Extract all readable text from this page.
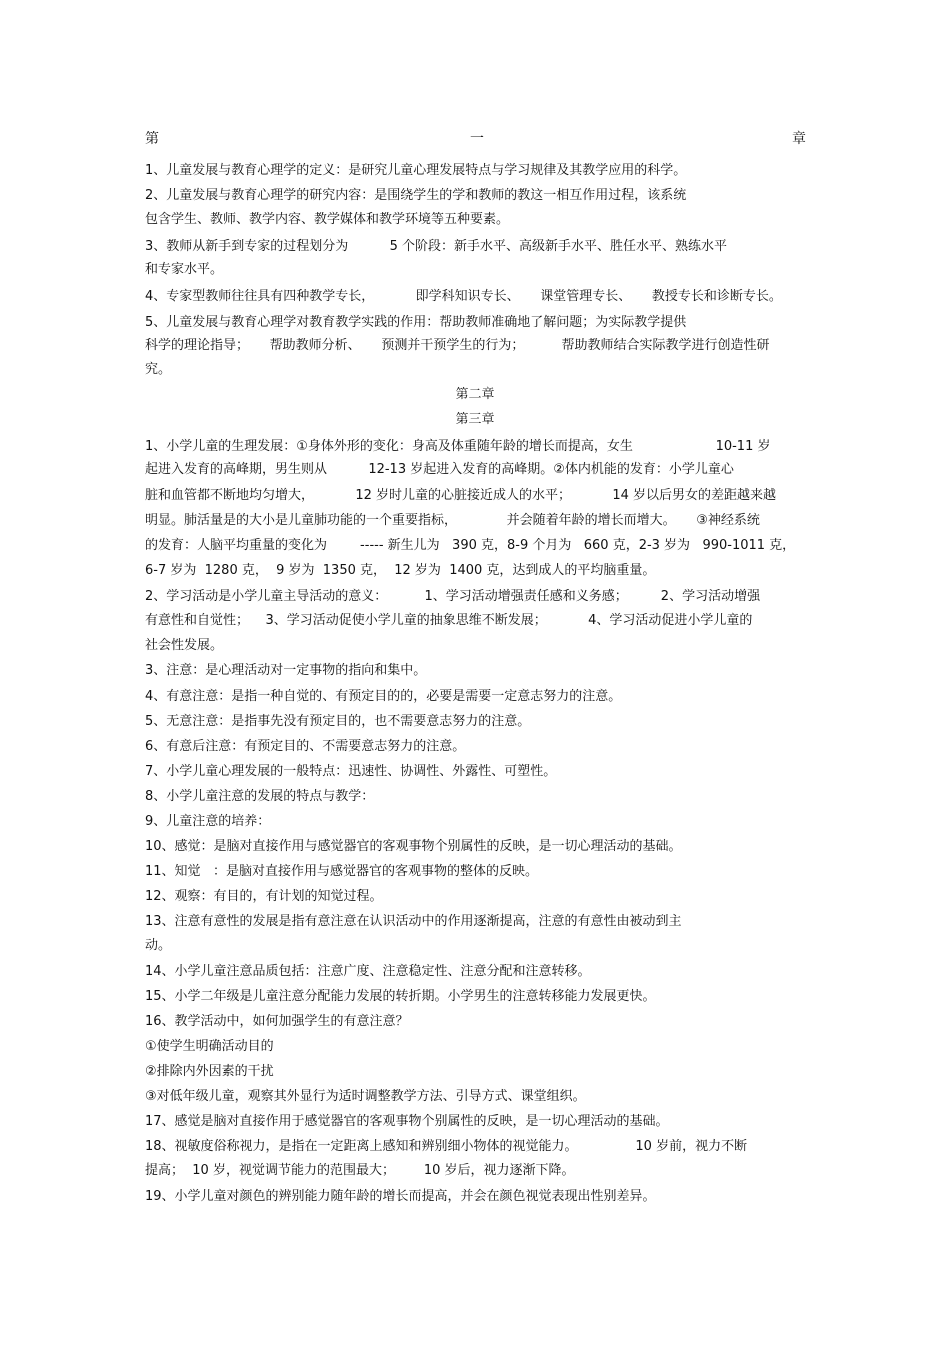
第	一	章
1、儿童发展与教育心理学的定义：是研究儿童心理发展特点与学习规律及其教学应用的科学。
2、儿童发展与教育心理学的研究内容：是围绕学生的学和教师的教这一相互作用过程，该系统
包含学生、教师、教学内容、教学媒体和教学环境等五种要素。
3、教师从新手到专家的过程划分为          5 个阶段：新手水平、高级新手水平、胜任水平、熟练水平
和专家水平。
4、专家型教师往往具有四种教学专长，          即学科知识专长、     课堂管理专长、     教授专长和诊断专长。
5、儿童发展与教育心理学对教育教学实践的作用：帮助教师准确地了解问题；为实际教学提供
科学的理论指导；     帮助教师分析、     预测并干预学生的行为；         帮助教师结合实际教学进行创造性研
究。
第二章
第三章
1、小学儿童的生理发展：①身体外形的变化：身高及体重随年龄的增长而提高，女生                    10-11 岁
起进入发育的高峰期，男生则从          12-13 岁起进入发育的高峰期。②体内机能的发育：小学儿童心
脏和血管都不断地均匀增大，          12 岁时儿童的心脏接近成人的水平；          14 岁以后男女的差距越来越
明显。肺活量是的大小是儿童肺功能的一个重要指标，            并会随着年龄的增长而增大。     ③神经系统
的发育：人脑平均重量的变化为        ----- 新生儿为   390 克，8-9 个月为   660 克，2-3 岁为   990-1011 克，
6-7 岁为  1280 克，  9 岁为  1350 克，  12 岁为  1400 克，达到成人的平均脑重量。
2、学习活动是小学儿童主导活动的意义：         1、学习活动增强责任感和义务感；        2、学习活动增强
有意性和自觉性；    3、学习活动促使小学儿童的抽象思维不断发展；          4、学习活动促进小学儿童的
社会性发展。
3、注意：是心理活动对一定事物的指向和集中。
4、有意注意：是指一种自觉的、有预定目的的，必要是需要一定意志努力的注意。
5、无意注意：是指事先没有预定目的，也不需要意志努力的注意。
6、有意后注意：有预定目的、不需要意志努力的注意。
7、小学儿童心理发展的一般特点：迅速性、协调性、外露性、可塑性。
8、小学儿童注意的发展的特点与教学：
9、儿童注意的培养：
10、感觉：是脑对直接作用与感觉器官的客观事物个别属性的反映，是一切心理活动的基础。
11、知觉   ：是脑对直接作用与感觉器官的客观事物的整体的反映。
12、观察：有目的，有计划的知觉过程。
13、注意有意性的发展是指有意注意在认识活动中的作用逐渐提高，注意的有意性由被动到主
动。
14、小学儿童注意品质包括：注意广度、注意稳定性、注意分配和注意转移。
15、小学二年级是儿童注意分配能力发展的转折期。小学男生的注意转移能力发展更快。
16、教学活动中，如何加强学生的有意注意？
①使学生明确活动目的
②排除内外因素的干扰
③对低年级儿童，观察其外显行为适时调整教学方法、引导方式、课堂组织。
17、感觉是脑对直接作用于感觉器官的客观事物个别属性的反映，是一切心理活动的基础。
18、视敏度俗称视力，是指在一定距离上感知和辨别细小物体的视觉能力。              10 岁前，视力不断
提高；  10 岁，视觉调节能力的范围最大；       10 岁后，视力逐渐下降。
19、小学儿童对颜色的辨别能力随年龄的增长而提高，并会在颜色视觉表现出性别差异。
